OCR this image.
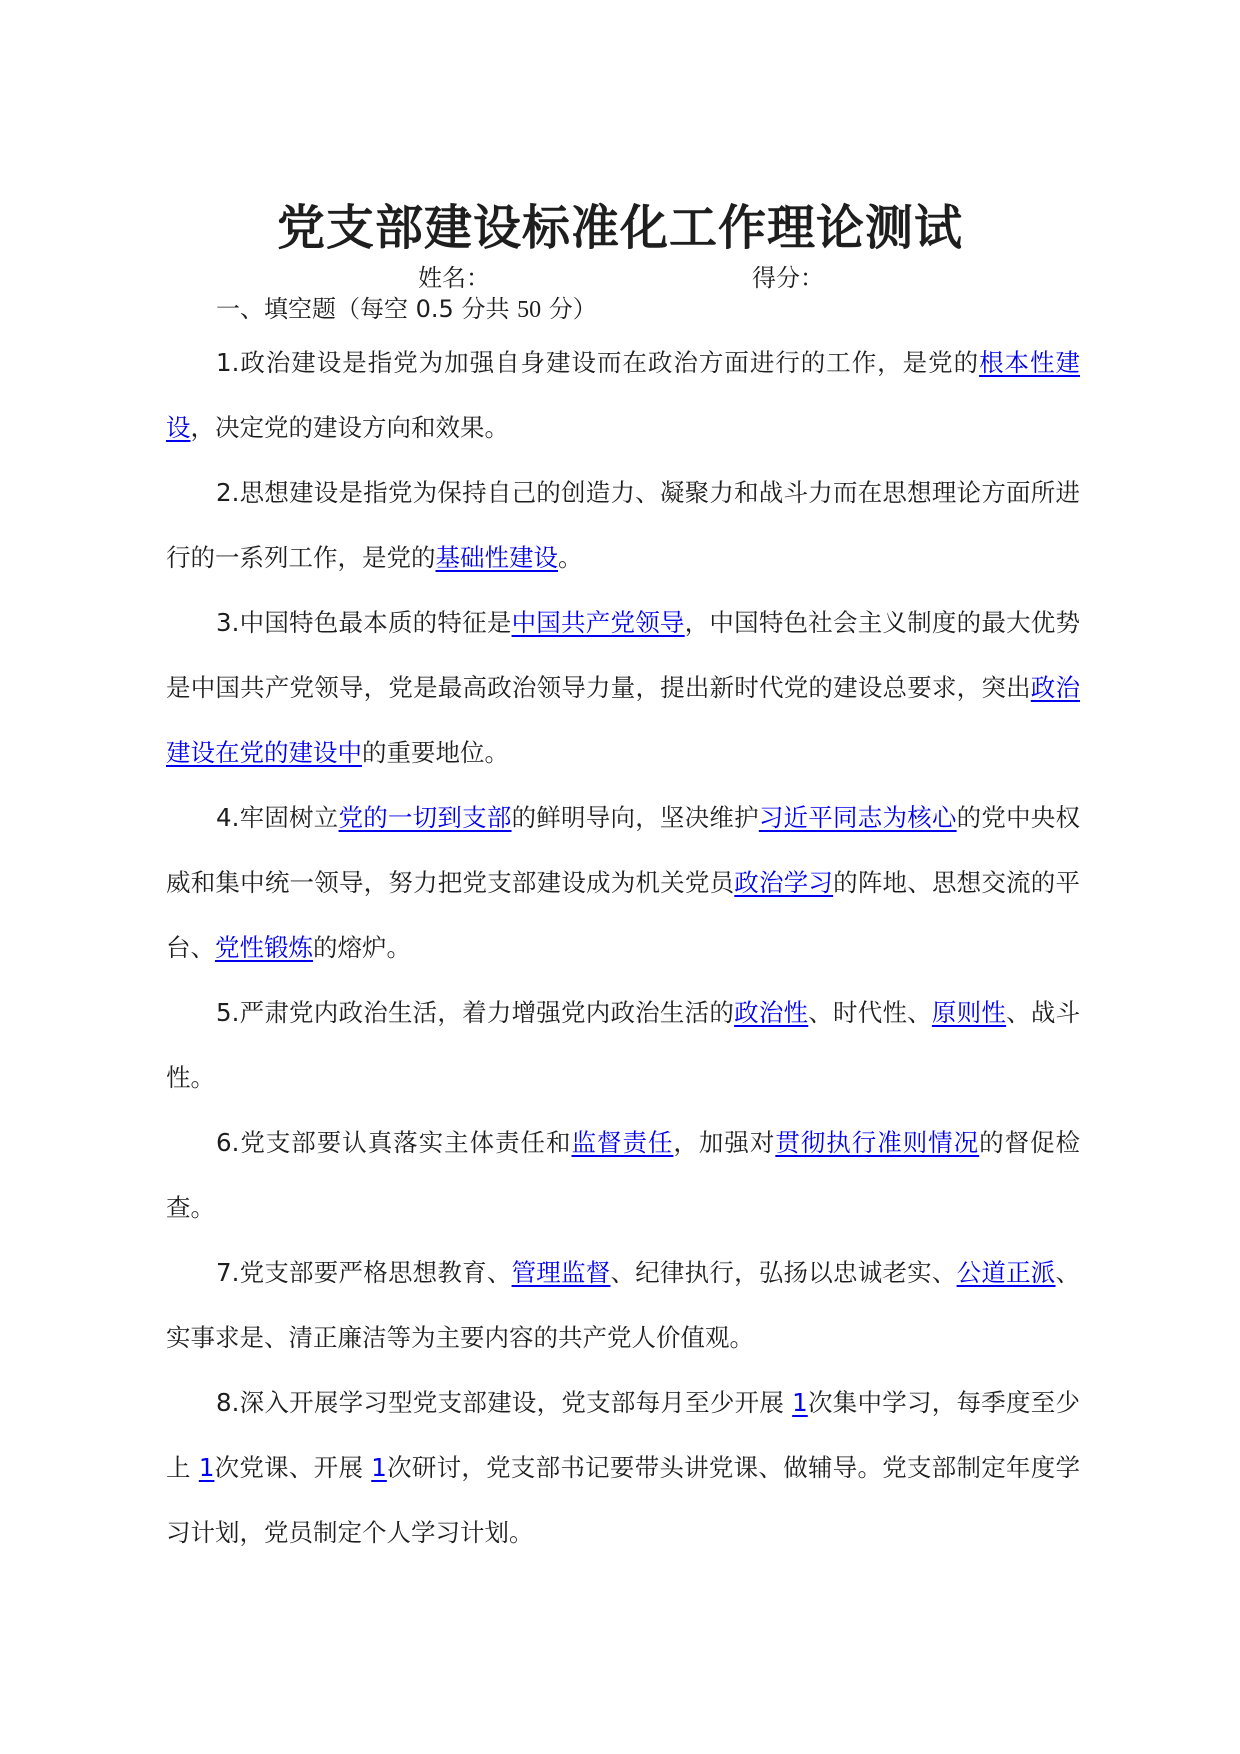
党支部建设标准化工作理论测试
姓名：	得分：
一、填空题（每空 0.5 分共 50 分）

1.政治建设是指党为加强自身建设而在政治方面进行的工作，是党的根本性建设，决定党的建设方向和效果。

2.思想建设是指党为保持自己的创造力、凝聚力和战斗力而在思想理论方面所进行的一系列工作，是党的基础性建设。

3.中国特色最本质的特征是中国共产党领导，中国特色社会主义制度的最大优势是中国共产党领导，党是最高政治领导力量，提出新时代党的建设总要求，突出政治建设在党的建设中的重要地位。

4.牢固树立党的一切到支部的鲜明导向，坚决维护习近平同志为核心的党中央权威和集中统一领导，努力把党支部建设成为机关党员政治学习的阵地、思想交流的平台、党性锻炼的熔炉。

5.严肃党内政治生活，着力增强党内政治生活的政治性、时代性、原则性、战斗性。

6.党支部要认真落实主体责任和监督责任，加强对贯彻执行准则情况的督促检查。

7.党支部要严格思想教育、管理监督、纪律执行，弘扬以忠诚老实、公道正派、实事求是、清正廉洁等为主要内容的共产党人价值观。

8.深入开展学习型党支部建设，党支部每月至少开展 1次集中学习，每季度至少上 1次党课、开展 1次研讨，党支部书记要带头讲党课、做辅导。党支部制定年度学习计划，党员制定个人学习计划。
